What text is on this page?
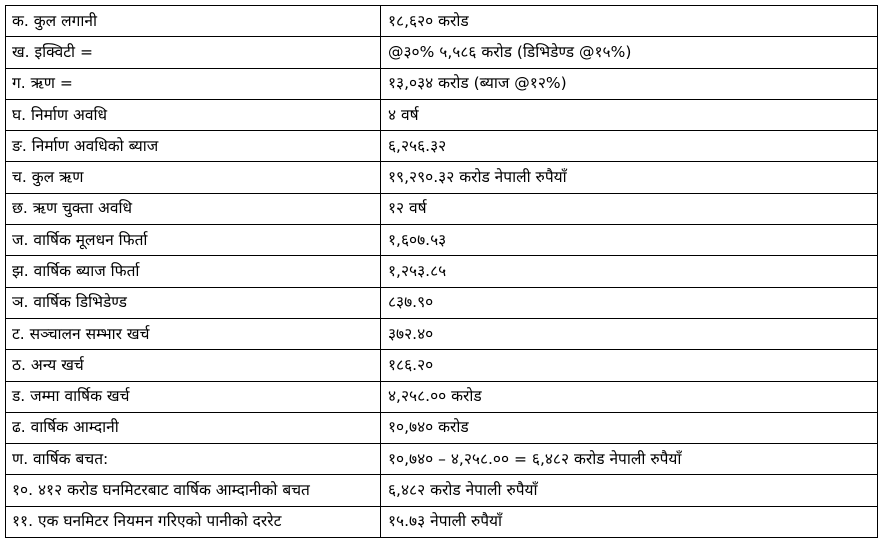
क. कुल लगानी	१८,६२० करोड
ख. इक्विटी =	@३०% ५,५८६ करोड (डिभिडेण्ड @१५%)
ग. ऋण =	१३,०३४ करोड (ब्याज @१२%)
घ. निर्माण अवधि	४ वर्ष
ङ. निर्माण अवधिको ब्याज	६,२५६.३२
च. कुल ऋण	१९,२९०.३२ करोड नेपाली रुपैयाँ
छ. ऋण चुक्ता अवधि	१२ वर्ष
ज. वार्षिक मूलधन फिर्ता	१,६०७.५३
झ. वार्षिक ब्याज फिर्ता	१,२५३.८५
ञ. वार्षिक डिभिडेण्ड	८३७.९०
ट. सञ्चालन सम्भार खर्च	३७२.४०
ठ. अन्य खर्च	१८६.२०
ड. जम्मा वार्षिक खर्च	४,२५८.०० करोड
ढ. वार्षिक आम्दानी	१०,७४० करोड
ण. वार्षिक बचत:	१०,७४० – ४,२५८.०० = ६,४८२ करोड नेपाली रुपैयाँ
१०. ४१२ करोड घनमिटरबाट वार्षिक आम्दानीको बचत	६,४८२ करोड नेपाली रुपैयाँ
११. एक घनमिटर नियमन गरिएको पानीको दररेट	१५.७३ नेपाली रुपैयाँ
